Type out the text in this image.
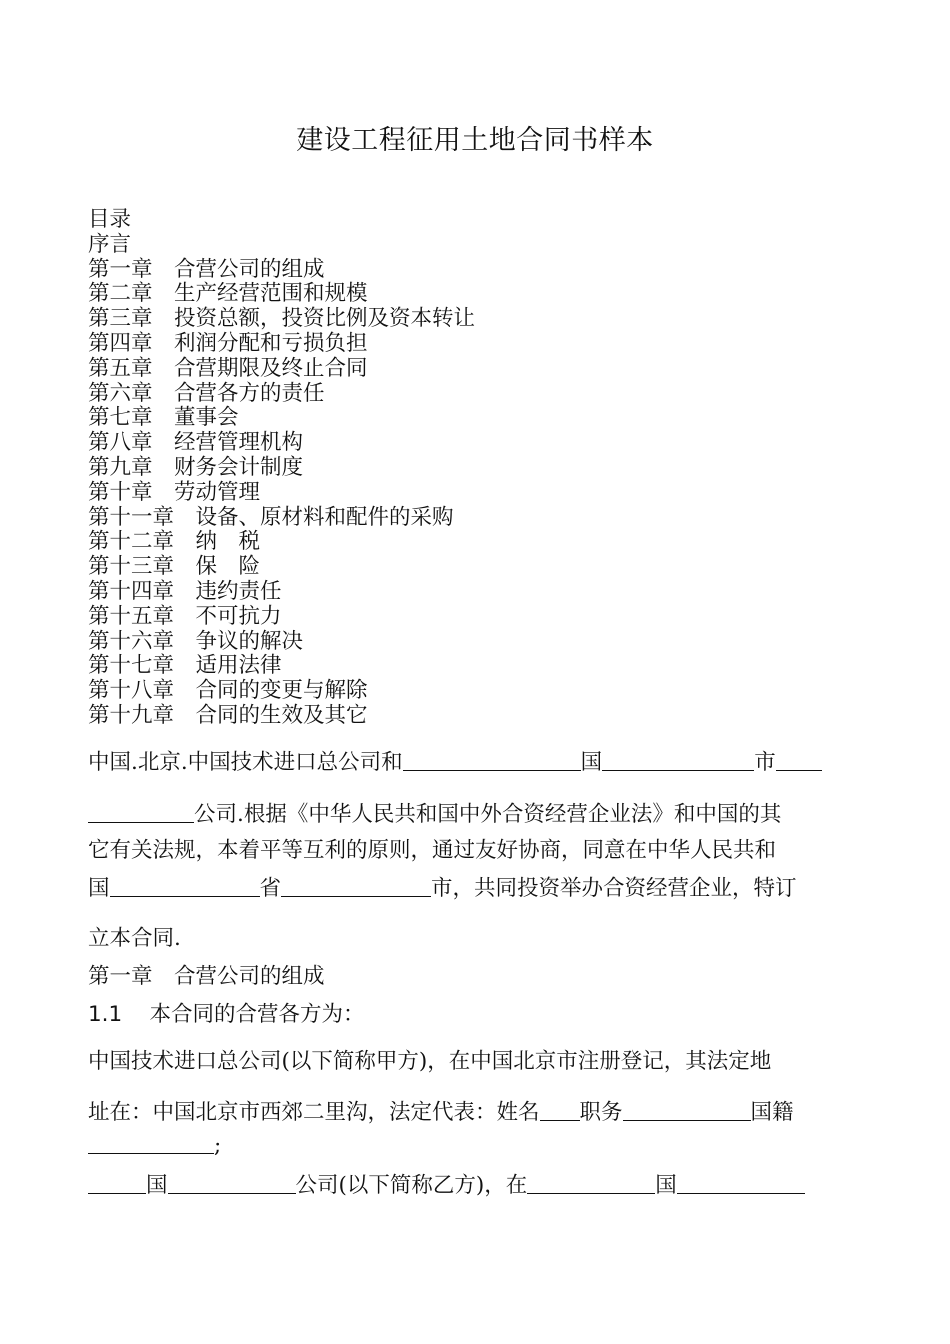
建设工程征用土地合同书样本
目录
序言
第一章　合营公司的组成
第二章　生产经营范围和规模
第三章　投资总额，投资比例及资本转让
第四章　利润分配和亏损负担
第五章　合营期限及终止合同
第六章　合营各方的责任
第七章　董事会
第八章　经营管理机构
第九章　财务会计制度
第十章　劳动管理
第十一章　设备、原材料和配件的采购
第十二章　纳　税
第十三章　保　险
第十四章　违约责任
第十五章　不可抗力
第十六章　争议的解决
第十七章　适用法律
第十八章　合同的变更与解除
第十九章　合同的生效及其它

中国.北京.中国技术进口总公司和	国	市

公司.根据《中华人民共和国中外合资经营企业法》和中国的其

它有关法规，本着平等互利的原则，通过友好协商，同意在中华人民共和

国	省	市，共同投资举办合资经营企业，特订

立本合同.

第一章　合营公司的组成

1.1 本合同的合营各方为：

中国技术进口总公司(以下简称甲方)，在中国北京市注册登记，其法定地

址在：中国北京市西郊二里沟，法定代表：姓名 职务	国籍

;

国	公司(以下简称乙方)，在	国
